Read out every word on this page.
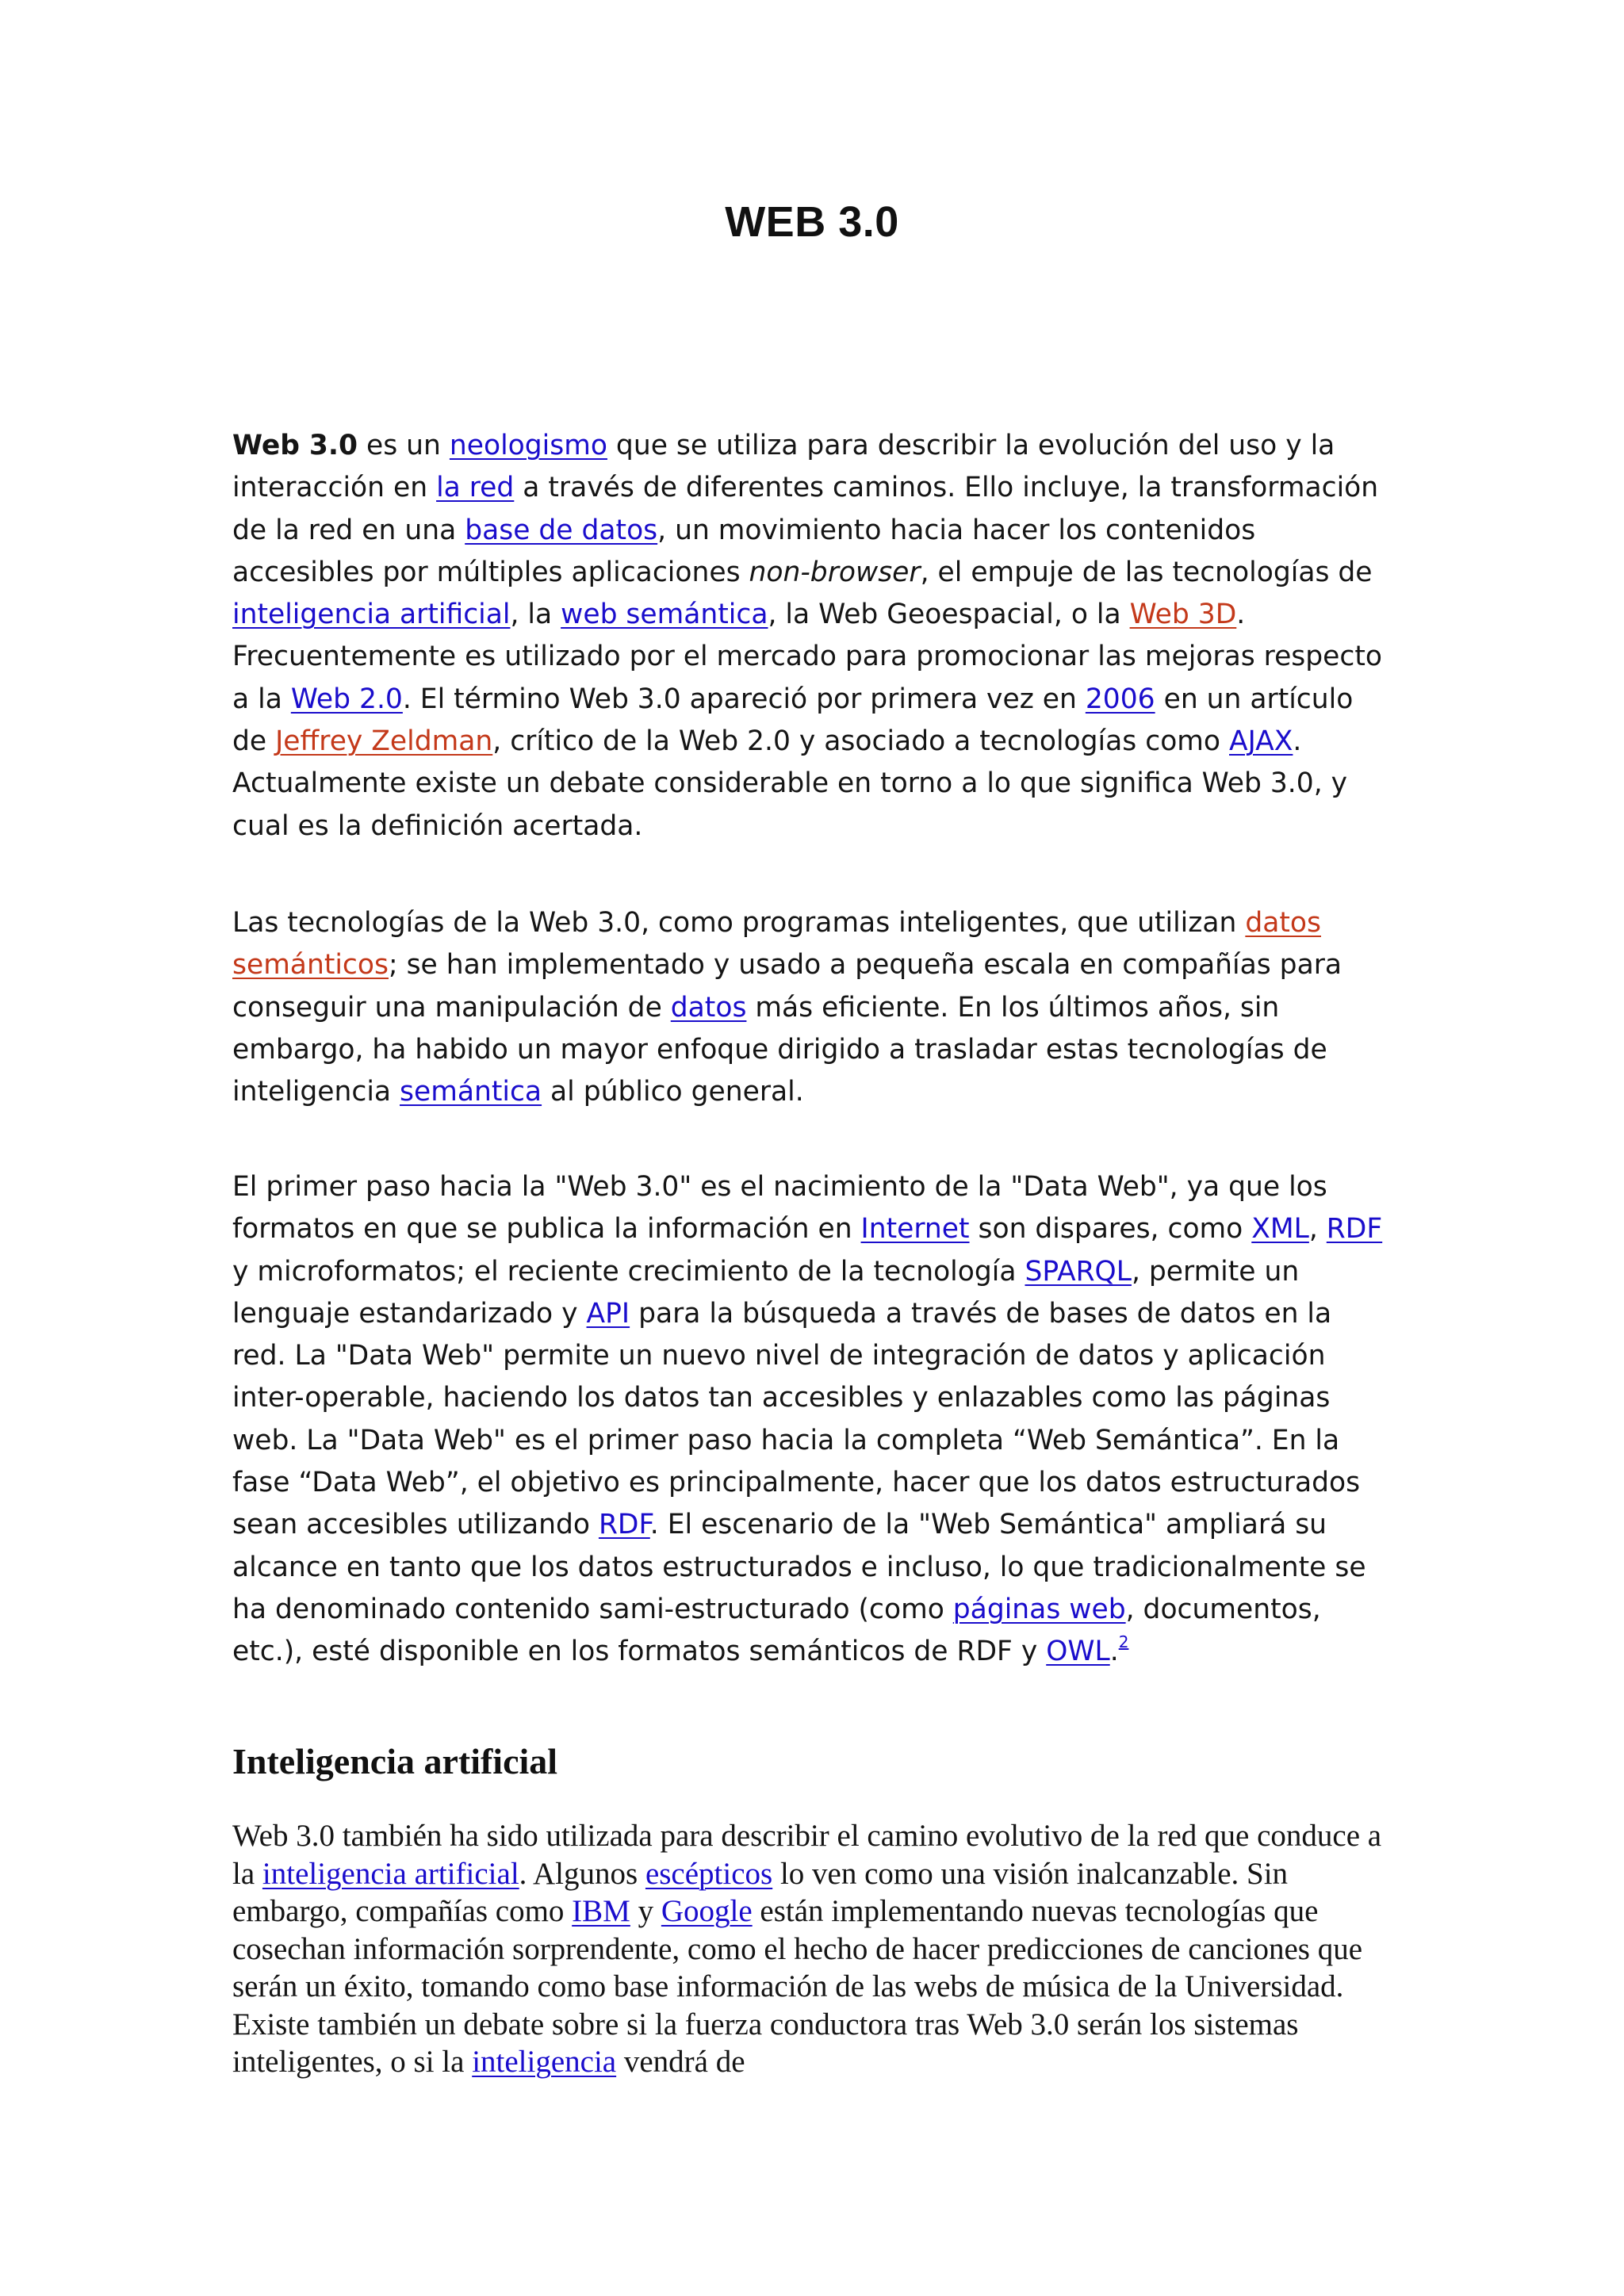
WEB 3.0

Web 3.0 es un neologismo que se utiliza para describir la evolución del uso y la interacción en la red a través de diferentes caminos. Ello incluye, la transformación de la red en una base de datos, un movimiento hacia hacer los contenidos accesibles por múltiples aplicaciones non-browser, el empuje de las tecnologías de inteligencia artificial, la web semántica, la Web Geoespacial, o la Web 3D. Frecuentemente es utilizado por el mercado para promocionar las mejoras respecto a la Web 2.0. El término Web 3.0 apareció por primera vez en 2006 en un artículo de Jeffrey Zeldman, crítico de la Web 2.0 y asociado a tecnologías como AJAX. Actualmente existe un debate considerable en torno a lo que significa Web 3.0, y cual es la definición acertada.

Las tecnologías de la Web 3.0, como programas inteligentes, que utilizan datos semánticos; se han implementado y usado a pequeña escala en compañías para conseguir una manipulación de datos más eficiente. En los últimos años, sin embargo, ha habido un mayor enfoque dirigido a trasladar estas tecnologías de inteligencia semántica al público general.

El primer paso hacia la "Web 3.0" es el nacimiento de la "Data Web", ya que los formatos en que se publica la información en Internet son dispares, como XML, RDF y microformatos; el reciente crecimiento de la tecnología SPARQL, permite un lenguaje estandarizado y API para la búsqueda a través de bases de datos en la red. La "Data Web" permite un nuevo nivel de integración de datos y aplicación inter-operable, haciendo los datos tan accesibles y enlazables como las páginas web. La "Data Web" es el primer paso hacia la completa “Web Semántica”. En la fase “Data Web”, el objetivo es principalmente, hacer que los datos estructurados sean accesibles utilizando RDF. El escenario de la "Web Semántica" ampliará su alcance en tanto que los datos estructurados e incluso, lo que tradicionalmente se ha denominado contenido sami-estructurado (como páginas web, documentos, etc.), esté disponible en los formatos semánticos de RDF y OWL.$^2$

Inteligencia artificial

Web 3.0 también ha sido utilizada para describir el camino evolutivo de la red que conduce a la inteligencia artificial. Algunos escépticos lo ven como una visión inalcanzable. Sin embargo, compañías como IBM y Google están implementando nuevas tecnologías que cosechan información sorprendente, como el hecho de hacer predicciones de canciones que serán un éxito, tomando como base información de las webs de música de la Universidad. Existe también un debate sobre si la fuerza conductora tras Web 3.0 serán los sistemas inteligentes, o si la inteligencia vendrá de
